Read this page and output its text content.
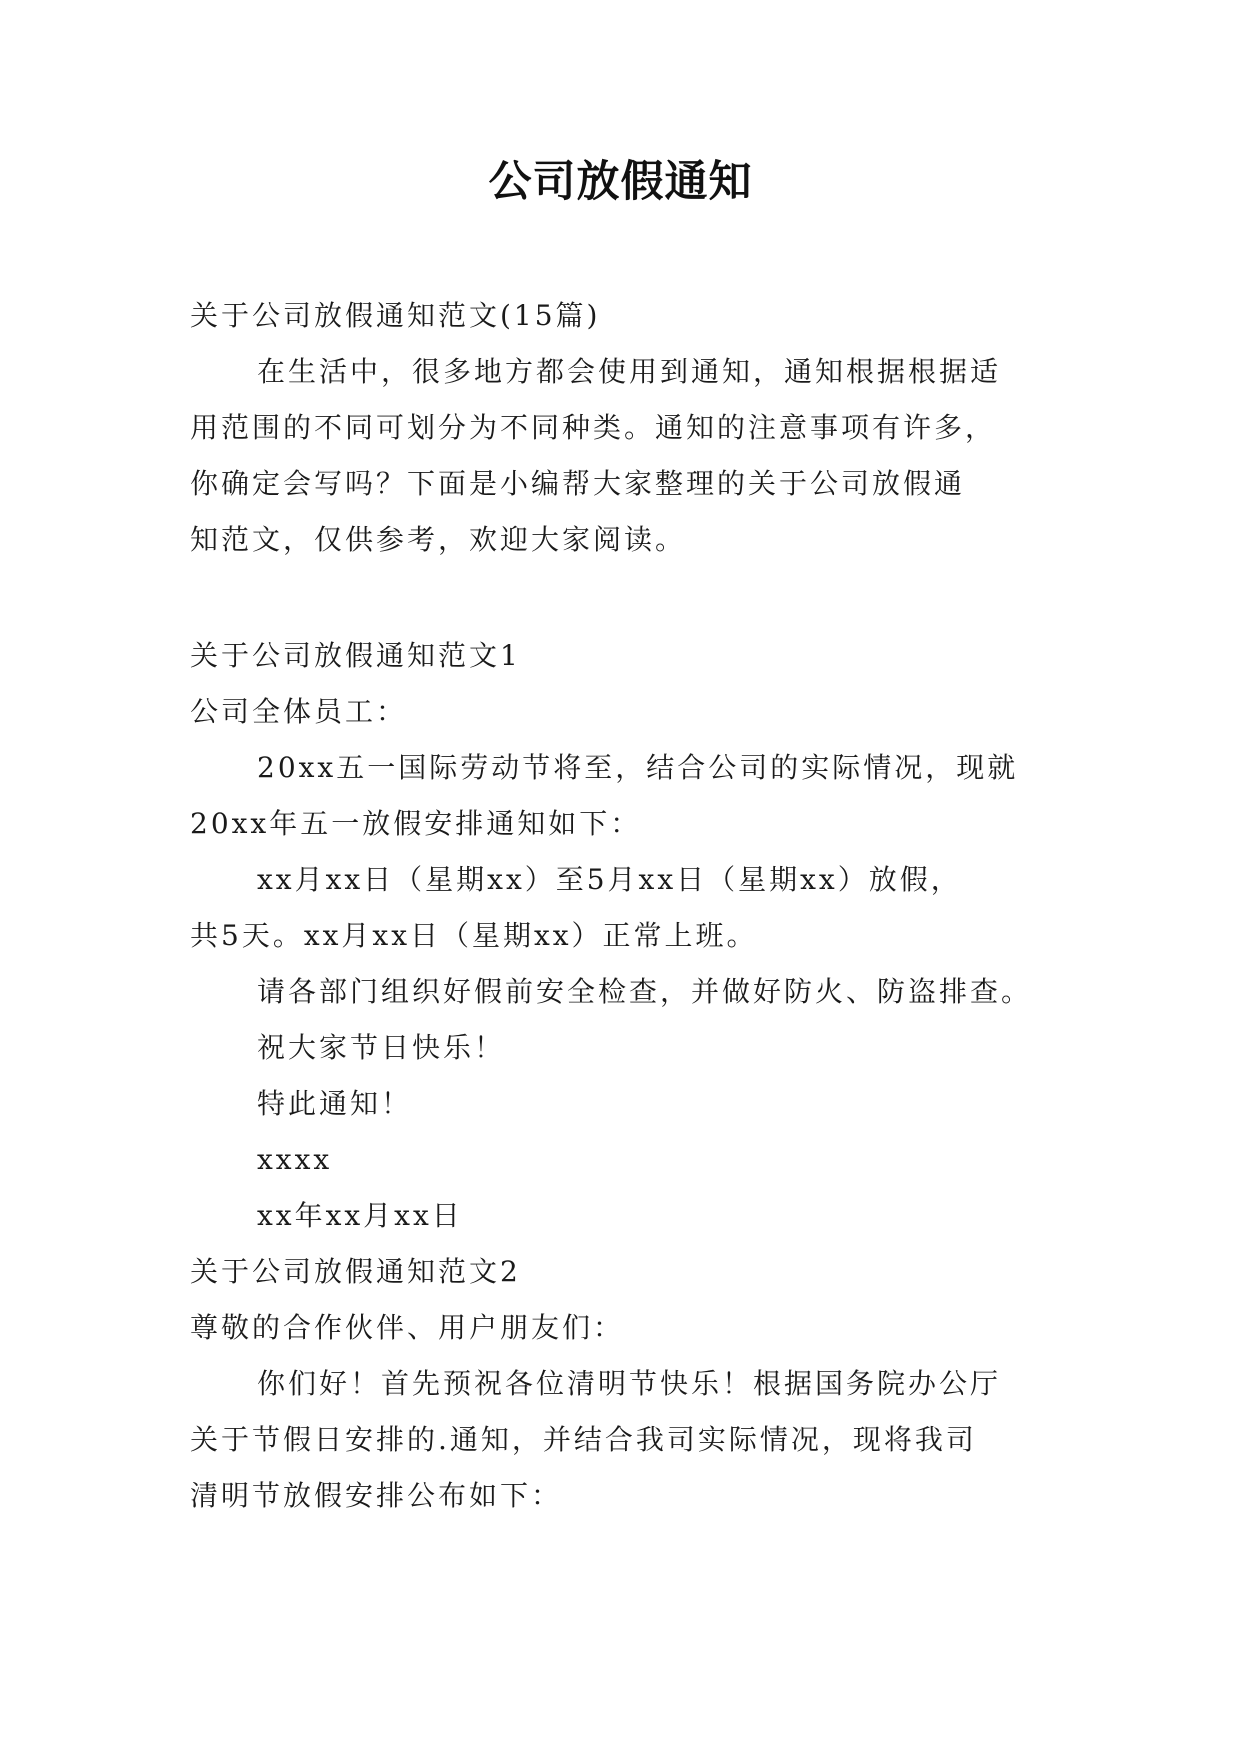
公司放假通知
关于公司放假通知范文(15篇)
在生活中，很多地方都会使用到通知，通知根据根据适
用范围的不同可划分为不同种类。通知的注意事项有许多，
你确定会写吗？下面是小编帮大家整理的关于公司放假通
知范文，仅供参考，欢迎大家阅读。
关于公司放假通知范文1
公司全体员工：
20xx五一国际劳动节将至，结合公司的实际情况，现就
20xx年五一放假安排通知如下：
xx月xx日（星期xx）至5月xx日（星期xx）放假，
共5天。xx月xx日（星期xx）正常上班。
请各部门组织好假前安全检查，并做好防火、防盗排查。
祝大家节日快乐！
特此通知！
xxxx
xx年xx月xx日
关于公司放假通知范文2
尊敬的合作伙伴、用户朋友们：
你们好！首先预祝各位清明节快乐！根据国务院办公厅
关于节假日安排的.通知，并结合我司实际情况，现将我司
清明节放假安排公布如下：
